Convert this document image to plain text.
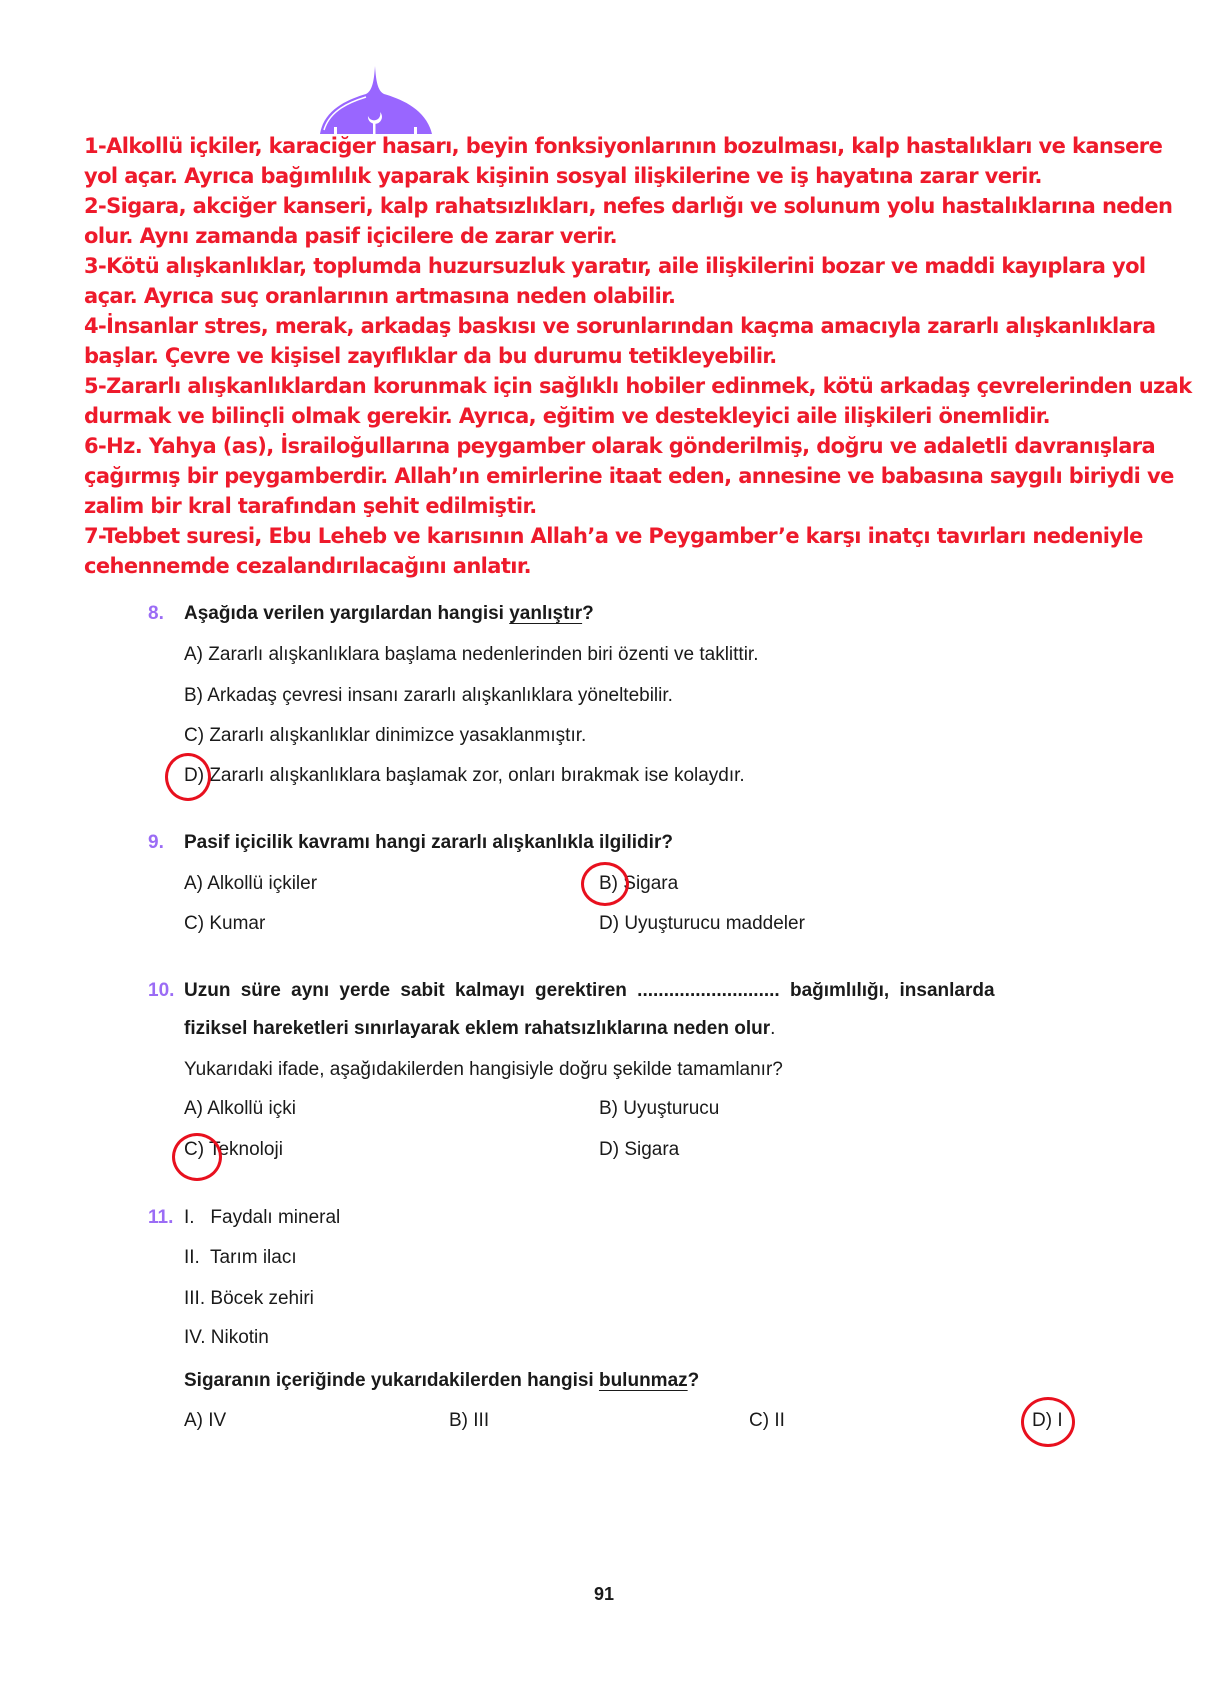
1-Alkollü içkiler, karaciğer hasarı, beyin fonksiyonlarının bozulması, kalp hastalıkları ve kansere
yol açar. Ayrıca bağımlılık yaparak kişinin sosyal ilişkilerine ve iş hayatına zarar verir.
2-Sigara, akciğer kanseri, kalp rahatsızlıkları, nefes darlığı ve solunum yolu hastalıklarına neden
olur. Aynı zamanda pasif içicilere de zarar verir.
3-Kötü alışkanlıklar, toplumda huzursuzluk yaratır, aile ilişkilerini bozar ve maddi kayıplara yol
açar. Ayrıca suç oranlarının artmasına neden olabilir.
4-İnsanlar stres, merak, arkadaş baskısı ve sorunlarından kaçma amacıyla zararlı alışkanlıklara
başlar. Çevre ve kişisel zayıflıklar da bu durumu tetikleyebilir.
5-Zararlı alışkanlıklardan korunmak için sağlıklı hobiler edinmek, kötü arkadaş çevrelerinden uzak
durmak ve bilinçli olmak gerekir. Ayrıca, eğitim ve destekleyici aile ilişkileri önemlidir.
6-Hz. Yahya (as), İsrailoğullarına peygamber olarak gönderilmiş, doğru ve adaletli davranışlara
çağırmış bir peygamberdir. Allah’ın emirlerine itaat eden, annesine ve babasına saygılı biriydi ve
zalim bir kral tarafından şehit edilmiştir.
7-Tebbet suresi, Ebu Leheb ve karısının Allah’a ve Peygamber’e karşı inatçı tavırları nedeniyle
cehennemde cezalandırılacağını anlatır.
8. Aşağıda verilen yargılardan hangisi yanlıştır?
A) Zararlı alışkanlıklara başlama nedenlerinden biri özenti ve taklittir.
B) Arkadaş çevresi insanı zararlı alışkanlıklara yöneltebilir.
C) Zararlı alışkanlıklar dinimizce yasaklanmıştır.
D) Zararlı alışkanlıklara başlamak zor, onları bırakmak ise kolaydır.
9. Pasif içicilik kavramı hangi zararlı alışkanlıkla ilgilidir?
A) Alkollü içkiler	B) Sigara
C) Kumar	D) Uyuşturucu maddeler
10. Uzun süre aynı yerde sabit kalmayı gerektiren ........................... bağımlılığı, insanlarda
fiziksel hareketleri sınırlayarak eklem rahatsızlıklarına neden olur.
Yukarıdaki ifade, aşağıdakilerden hangisiyle doğru şekilde tamamlanır?
A) Alkollü içki	B) Uyuşturucu
C) Teknoloji	D) Sigara
11. I.   Faydalı mineral
II.  Tarım ilacı
III. Böcek zehiri
IV. Nikotin
Sigaranın içeriğinde yukarıdakilerden hangisi bulunmaz?
A) IV	B) III	C) II	D) I
91
